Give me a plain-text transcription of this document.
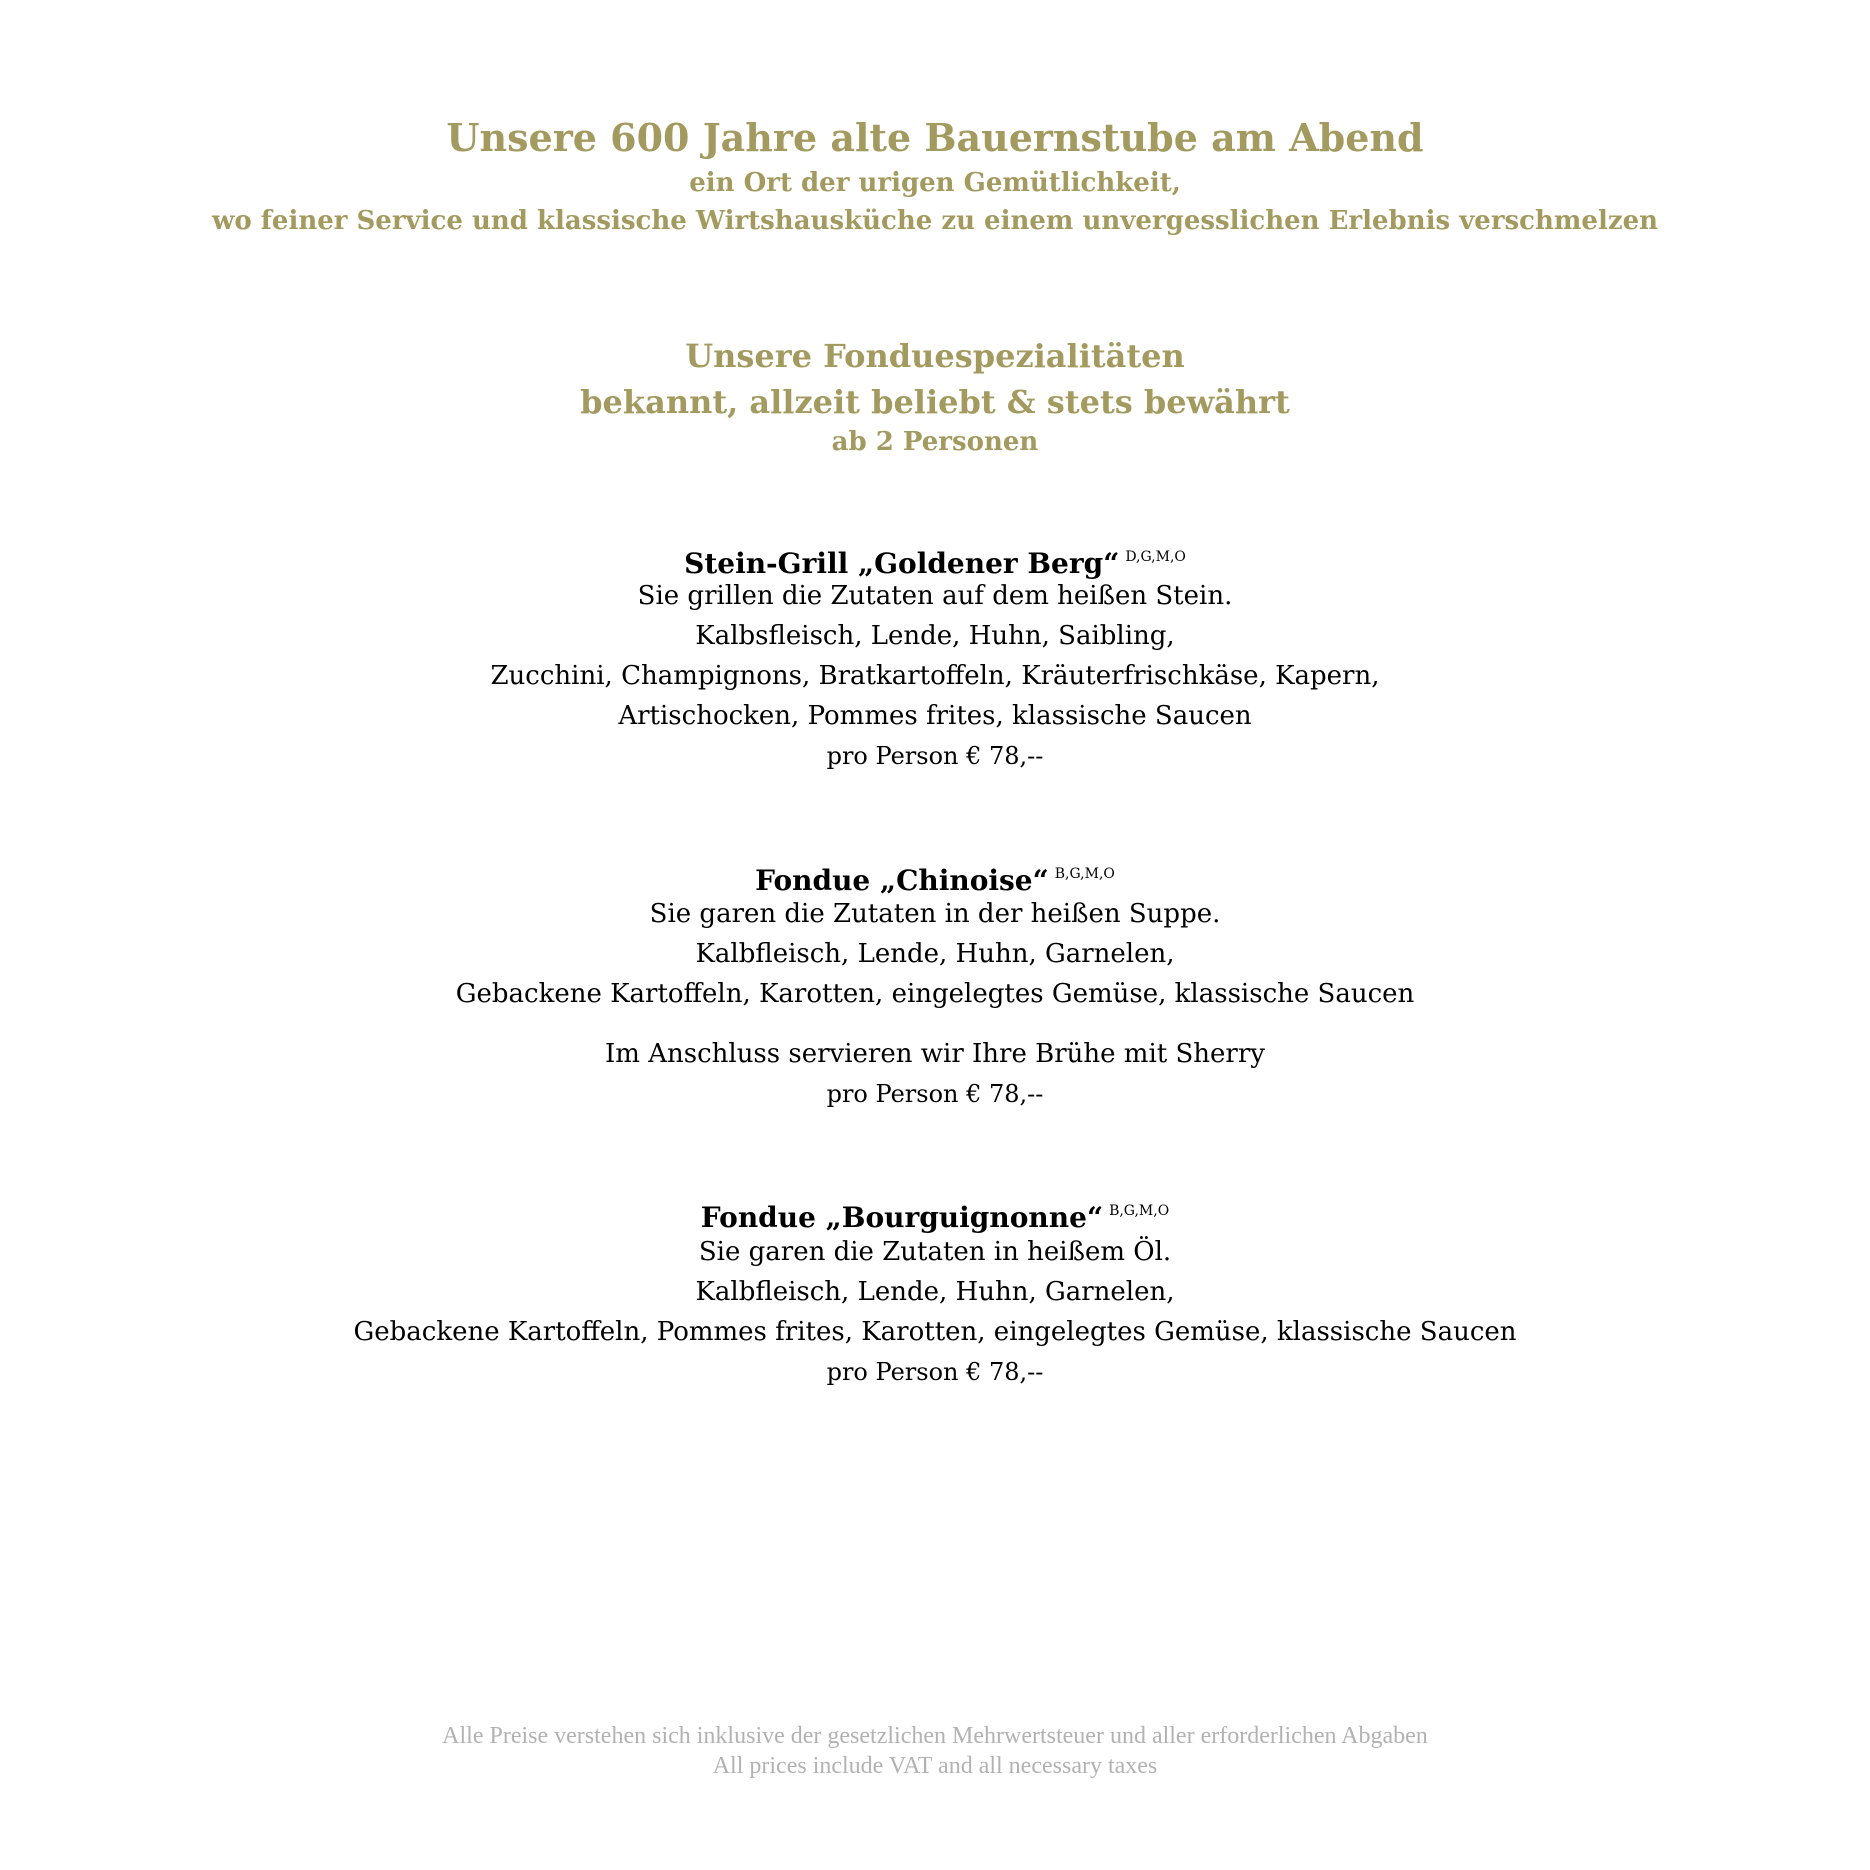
Unsere 600 Jahre alte Bauernstube am Abend
ein Ort der urigen Gemütlichkeit,
wo feiner Service und klassische Wirtshausküche zu einem unvergesslichen Erlebnis verschmelzen
Unsere Fonduespezialitäten
bekannt, allzeit beliebt & stets bewährt
ab 2 Personen
Stein-Grill „Goldener Berg“ $^{D,G,M,O}$
Sie grillen die Zutaten auf dem heißen Stein.
Kalbsfleisch, Lende, Huhn, Saibling,
Zucchini, Champignons, Bratkartoffeln, Kräuterfrischkäse, Kapern,
Artischocken, Pommes frites, klassische Saucen
pro Person € 78,--
Fondue „Chinoise“ $^{B,G,M,O}$
Sie garen die Zutaten in der heißen Suppe.
Kalbfleisch, Lende, Huhn, Garnelen,
Gebackene Kartoffeln, Karotten, eingelegtes Gemüse, klassische Saucen
Im Anschluss servieren wir Ihre Brühe mit Sherry
pro Person € 78,--
Fondue „Bourguignonne“ $^{B,G,M,O}$
Sie garen die Zutaten in heißem Öl.
Kalbfleisch, Lende, Huhn, Garnelen,
Gebackene Kartoffeln, Pommes frites, Karotten, eingelegtes Gemüse, klassische Saucen
pro Person € 78,--
Alle Preise verstehen sich inklusive der gesetzlichen Mehrwertsteuer und aller erforderlichen Abgaben
All prices include VAT and all necessary taxes
